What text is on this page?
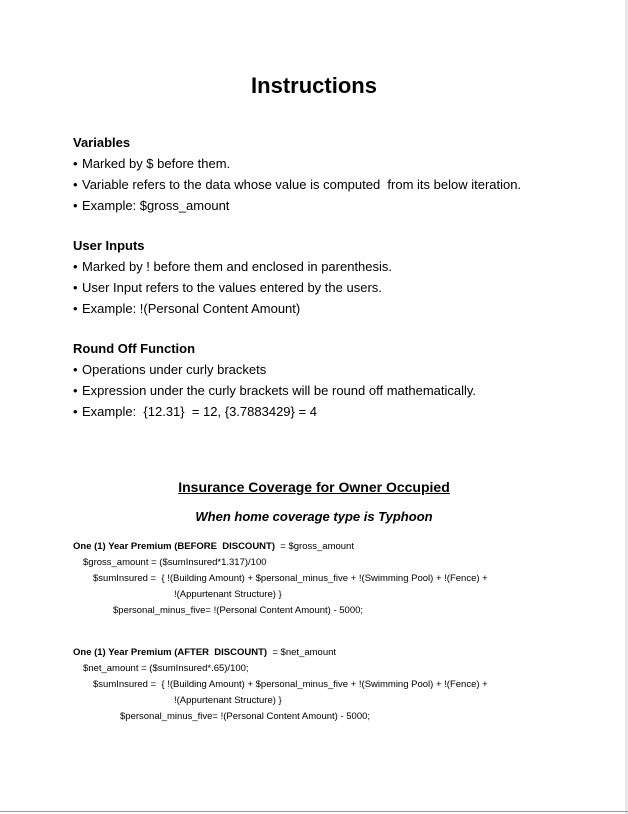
Instructions
Variables
• Marked by $ before them.
• Variable refers to the data whose value is computed  from its below iteration.
• Example: $gross_amount
User Inputs
• Marked by ! before them and enclosed in parenthesis.
• User Input refers to the values entered by the users.
• Example: !(Personal Content Amount)
Round Off Function
• Operations under curly brackets
• Expression under the curly brackets will be round off mathematically.
• Example:  {12.31}  = 12, {3.7883429} = 4
Insurance Coverage for Owner Occupied
When home coverage type is Typhoon
One (1) Year Premium (BEFORE  DISCOUNT)  = $gross_amount
$gross_amount = ($sumInsured*1.317)/100
$sumInsured =  { !(Building Amount) + $personal_minus_five + !(Swimming Pool) + !(Fence) +
!(Appurtenant Structure) }
$personal_minus_five= !(Personal Content Amount) - 5000;
One (1) Year Premium (AFTER  DISCOUNT)  = $net_amount
$net_amount = ($sumInsured*.65)/100;
$sumInsured =  { !(Building Amount) + $personal_minus_five + !(Swimming Pool) + !(Fence) +
!(Appurtenant Structure) }
$personal_minus_five= !(Personal Content Amount) - 5000;
